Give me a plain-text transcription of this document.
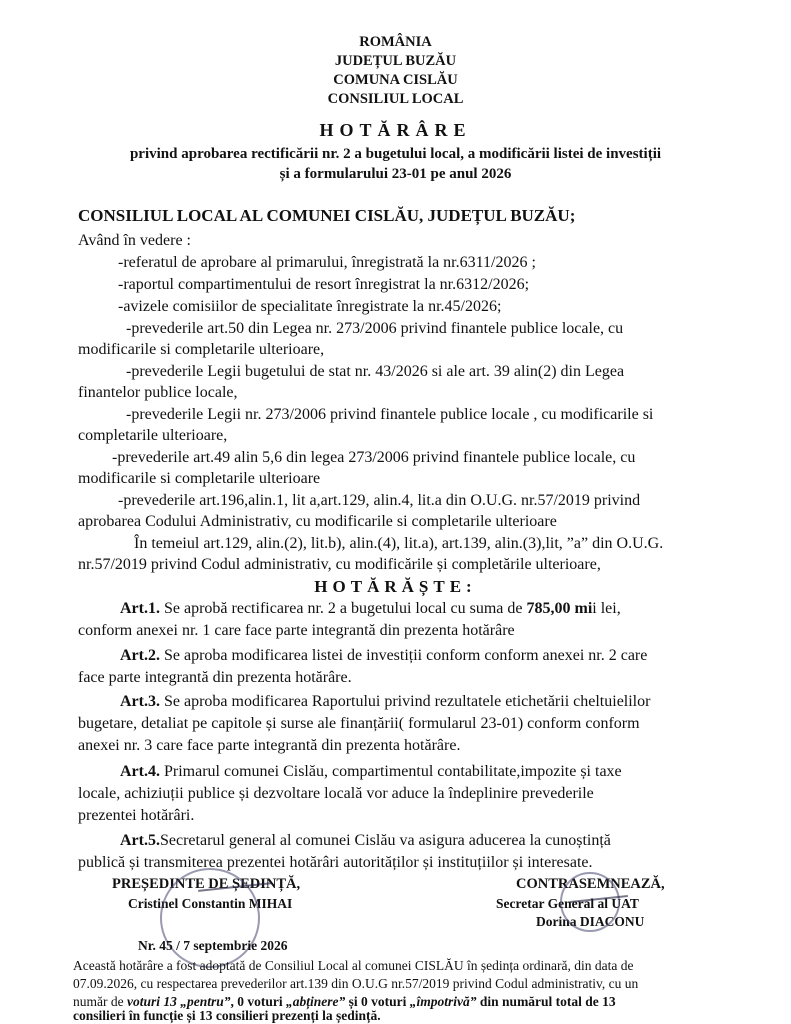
ROMÂNIA
JUDEȚUL BUZĂU
COMUNA CISLĂU
CONSILIUL LOCAL
HOTĂRÂRE
privind aprobarea rectificării nr. 2 a bugetului local, a modificării listei de investiții
și a formularului 23-01 pe anul 2026
CONSILIUL LOCAL AL COMUNEI CISLĂU, JUDEȚUL BUZĂU;
Având în vedere :
-referatul de aprobare al primarului, înregistrată la nr.6311/2026 ;
-raportul compartimentului de resort înregistrat la nr.6312/2026;
-avizele comisiilor de specialitate înregistrate la nr.45/2026;
-prevederile art.50 din Legea nr. 273/2006 privind finantele publice locale, cu
modificarile si completarile ulterioare,
-prevederile Legii bugetului de stat nr. 43/2026 si ale art. 39 alin(2) din Legea
finantelor publice locale,
-prevederile Legii nr. 273/2006 privind finantele publice locale , cu modificarile si
completarile ulterioare,
-prevederile art.49 alin 5,6 din legea 273/2006 privind finantele publice locale, cu
modificarile si completarile ulterioare
-prevederile art.196,alin.1, lit a,art.129, alin.4, lit.a din O.U.G. nr.57/2019 privind
aprobarea Codului Administrativ, cu modificarile si completarile ulterioare
În temeiul art.129, alin.(2), lit.b), alin.(4), lit.a), art.139, alin.(3),lit, ”a” din O.U.G.
nr.57/2019 privind Codul administrativ, cu modificările și completările ulterioare,
HOTĂRĂȘTE:
Art.1. Se aprobă rectificarea nr. 2 a bugetului local cu suma de 785,00 mii lei,
conform anexei nr. 1 care face parte integrantă din prezenta hotărâre
Art.2. Se aproba modificarea listei de investiții conform conform anexei nr. 2 care
face parte integrantă din prezenta hotărâre.
Art.3. Se aproba modificarea Raportului privind rezultatele etichetării cheltuielilor
bugetare, detaliat pe capitole și surse ale finanțării( formularul 23-01) conform conform
anexei nr. 3 care face parte integrantă din prezenta hotărâre.
Art.4. Primarul comunei Cislău, compartimentul contabilitate,impozite și taxe
locale, achiziuții publice și dezvoltare locală vor aduce la îndeplinire prevederile
prezentei hotărâri.
Art.5.Secretarul general al comunei Cislău va asigura aducerea la cunoștință
publică și transmiterea prezentei hotărâri autorităților și instituțiilor și interesate.
PREȘEDINTE DE ȘEDINȚĂ,
Cristinel Constantin MIHAI
CONTRASEMNEAZĂ,
Secretar General al UAT
Dorina DIACONU
Nr. 45 / 7 septembrie 2026
Această hotărâre a fost adoptată de Consiliul Local al comunei CISLĂU în ședința ordinară, din data de
07.09.2026, cu respectarea prevederilor art.139 din O.U.G nr.57/2019 privind Codul administrativ, cu un
număr de voturi 13 „pentru”, 0 voturi „abținere” și 0 voturi „împotrivă” din numărul total de 13
consilieri în funcție și 13 consilieri prezenți la ședință.
